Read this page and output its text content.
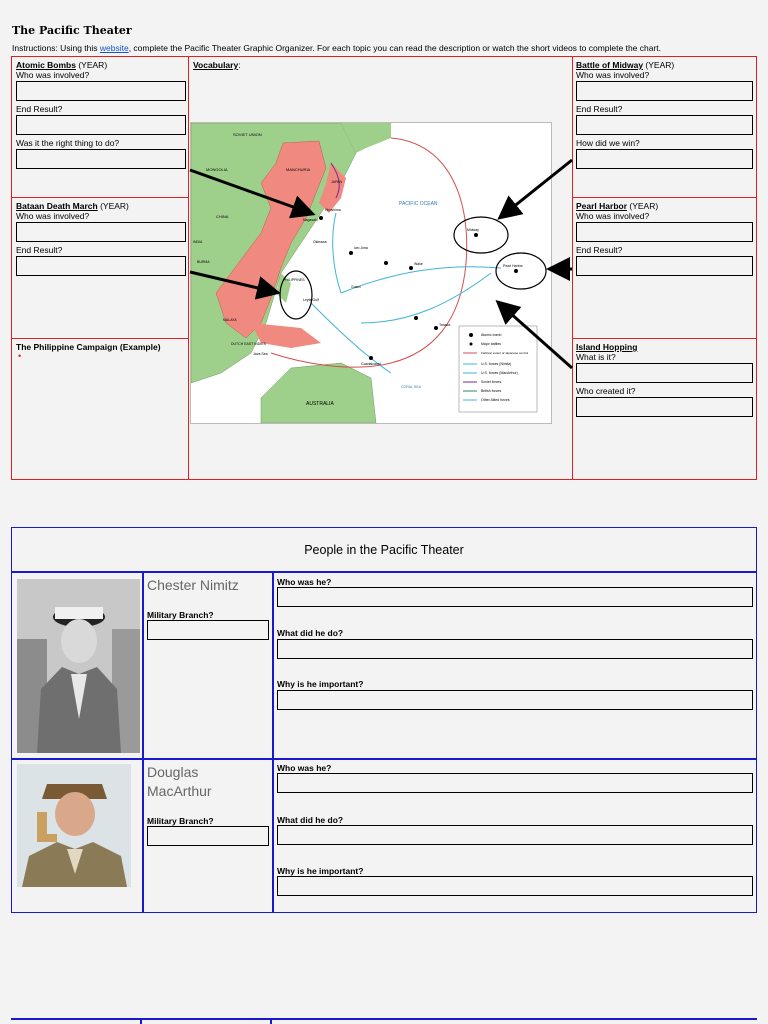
The Pacific Theater
Instructions: Using this website, complete the Pacific Theater Graphic Organizer. For each topic you can read the description or watch the short videos to complete the chart.
Atomic Bombs (YEAR)
Who was involved?
End Result?
Was it the right thing to do?
Bataan Death March (YEAR)
Who was involved?
End Result?
The Philippine Campaign (Example)
•
Vocabulary:	Battle of Midway (YEAR)
Who was involved?
End Result?
How did we win?
Pearl Harbor (YEAR)
Who was involved?
End Result?
Island Hopping
What is it?
Who created it?
SOVIET UNION
MANCHURIA
MONGOLIA
CHINA
PACIFIC OCEAN
AUSTRALIA
PHILIPPINES
JAPAN
CORAL SEA
Midway
Pearl Harbor
Hiroshima
Nagasaki
Okinawa
Iwo Jima
Wake
Guam
Leyte Gulf
Tarawa
Guadalcanal
Java Sea
BURMA
INDIA
MALAYA
DUTCH EAST INDIES
Atomic bomb
Major battles
Farthest extent of Japanese control
U.S. forces (Nimitz)
U.S. forces (MacArthur)
Soviet forces
British forces
Other Allied forces
People in the Pacific Theater
Chester Nimitz
Military Branch?
Who was he?
What did he do?
Why is he important?
Douglas
MacArthur
Military Branch?
Who was he?
What did he do?
Why is he important?
